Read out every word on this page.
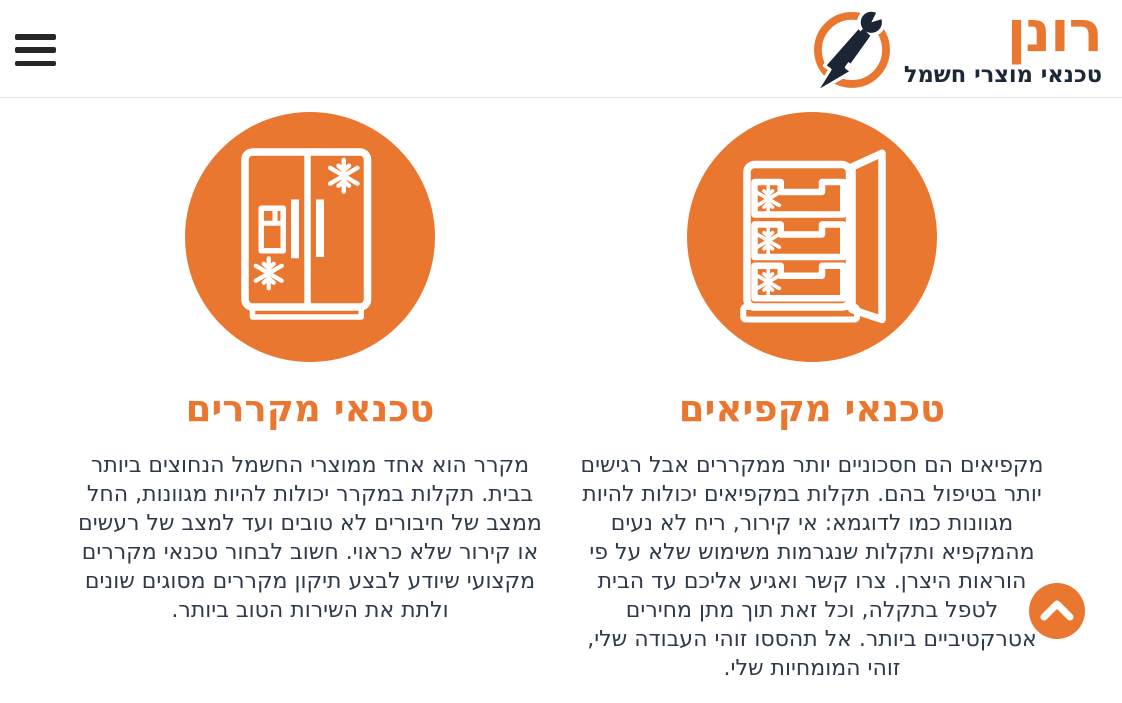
רונן
טכנאי מוצרי חשמל
טכנאי מקפיאים

מקפיאים הם חסכוניים יותר ממקררים אבל רגישים יותר בטיפול בהם. תקלות במקפיאים יכולות להיות מגוונות כמו לדוגמא: אי קירור, ריח לא נעים מהמקפיא ותקלות שנגרמות משימוש שלא על פי הוראות היצרן. צרו קשר ואגיע אליכם עד הבית לטפל בתקלה, וכל זאת תוך מתן מחירים אטרקטיביים ביותר. אל תהססו זוהי העבודה שלי, זוהי המומחיות שלי.

טכנאי מקררים

מקרר הוא אחד ממוצרי החשמל הנחוצים ביותר בבית. תקלות במקרר יכולות להיות מגוונות, החל ממצב של חיבורים לא טובים ועד למצב של רעשים או קירור שלא כראוי. חשוב לבחור טכנאי מקררים מקצועי שיודע לבצע תיקון מקררים מסוגים שונים ולתת את השירות הטוב ביותר.
